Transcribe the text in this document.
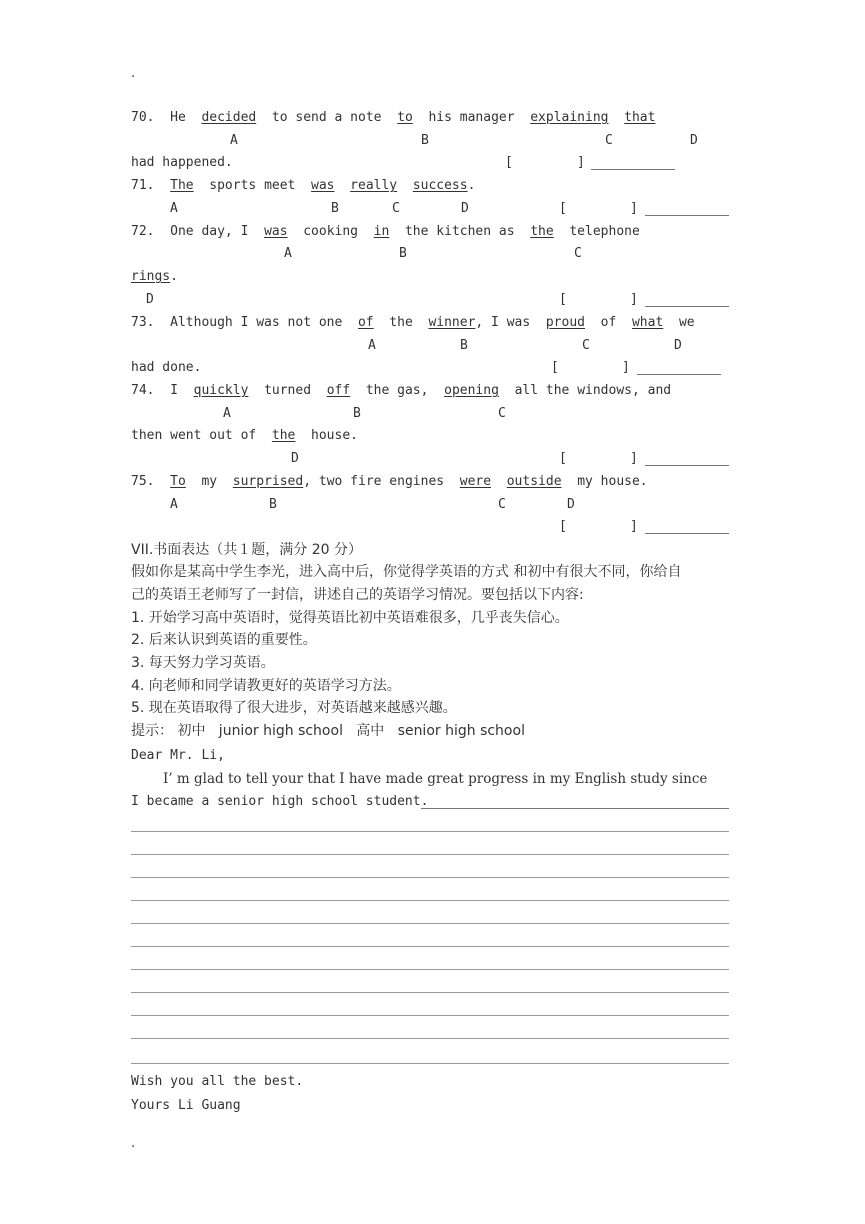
.
70. He decided to send a note to his manager explaining that
A	B	C	D
had happened.	[	]
71. The sports meet was really success.
A	B	C	D	[	]
72. One day, I was cooking in the kitchen as the telephone
A	B	C
rings.
D	[	]
73. Although I was not one of the winner, I was proud of what we
A	B	C	D
had done.	[	]
74. I quickly turned off the gas, opening all the windows, and
A	B	C
then went out of the house.
D	[	]
75. To my surprised, two fire engines were outside my house.
A	B	C	D
[	]
VII.书面表达（共１题，满分 20 分）
假如你是某高中学生李光，进入高中后，你觉得学英语的方式 和初中有很大不同，你给自
己的英语王老师写了一封信，讲述自己的英语学习情况。要包括以下内容:
1. 开始学习高中英语时，觉得英语比初中英语难很多，几乎丧失信心。
2. 后来认识到英语的重要性。
3. 每天努力学习英语。
4. 向老师和同学请教更好的英语学习方法。
5. 现在英语取得了很大进步，对英语越来越感兴趣。
提示： 初中   junior high school   高中   senior high school
Dear Mr. Li,
I’ m glad to tell your that I have made great progress in my English study since
I became a senior high school student.
Wish you all the best.
Yours Li Guang
.
